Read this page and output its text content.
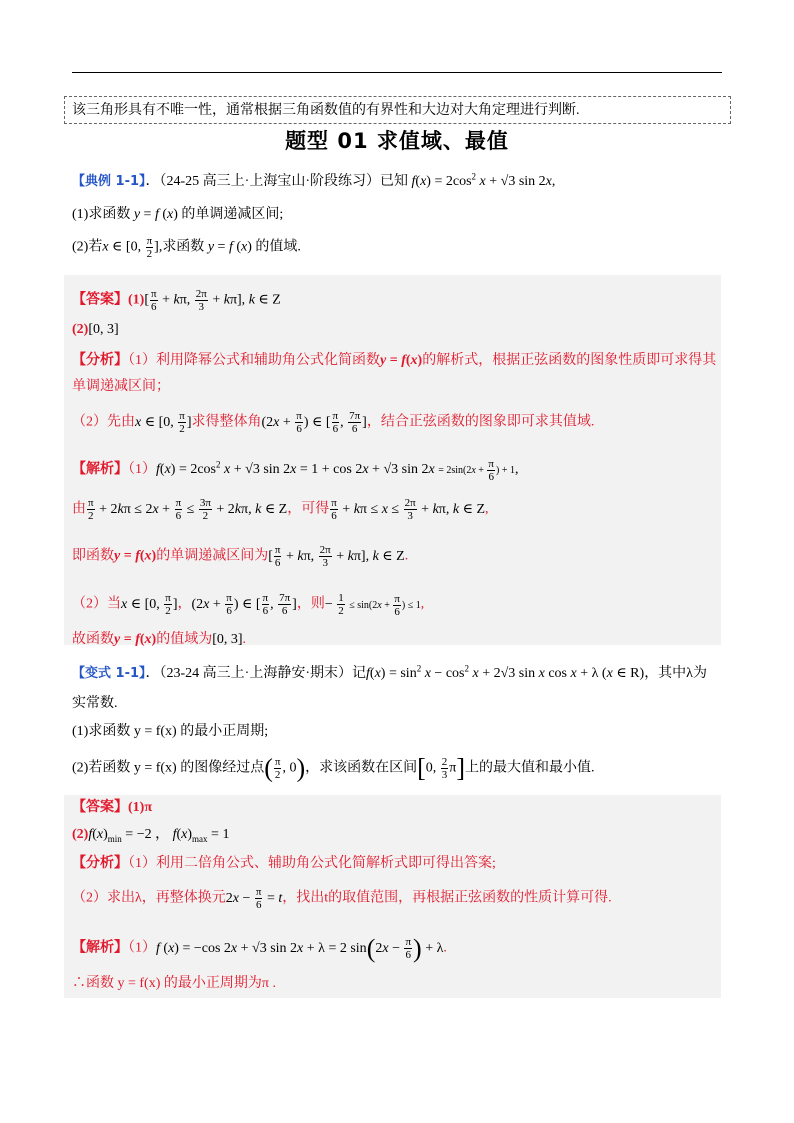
该三角形具有不唯一性，通常根据三角函数值的有界性和大边对大角定理进行判断.
题型 01 求值域、最值
【典例 1-1】．（24-25 高三上·上海宝山·阶段练习）已知 $f(x) = 2\cos^2$ x + √3 sin 2x,
(1)求函数 y = f (x) 的单调递减区间;
(2)若x ∈ [0, $\frac{\pi}{2}$ ],求函数 y = f (x) 的值域.
【答案】$(1)[ \frac{\pi}{6} + k\pi$, $\frac{2\pi}{3} + k\pi$], k ∈ Z
(2)[0, 3]
【分析】（1）利用降幂公式和辅助角公式化简函数y = f(x)的解析式，根据正弦函数的图象性质即可求得其
单调递减区间；
（2）先由x ∈ [0, $\frac{\pi}{2}$ ]求得整体角($2x + \frac{\pi}{6}$ ) ∈ [ $\frac{\pi}{6}$ , $\frac{7\pi}{6}$ ]，结合正弦函数的图象即可求其值域.
【解析】$(1)f(x) = 2\cos^2$ x + √3 sin 2x = 1 + cos 2x + √3 $\sin 2x = 2\sin(2x + \frac{\pi}{6}$ ) + 1,
由 $\frac{\pi}{2} + 2k\pi \le 2x + \frac{\pi}{6} \le \frac{3\pi}{2} + 2k\pi$, k ∈ Z，可得 $\frac{\pi}{6} + k\pi \le x \le \frac{2\pi}{3} + k\pi$, k ∈ Z,
即函数y = f(x)的单调递减区间为[ $\frac{\pi}{6} + k\pi$, $\frac{2\pi}{3} + k\pi$], k ∈ Z.
（2）当x ∈ [0, $\frac{\pi}{2}$ ]，($2x + \frac{\pi}{6}$ ) ∈ [ $\frac{\pi}{6}$ , $\frac{7\pi}{6}$ ]，则− $\frac{1}{2} \le \sin(2x + \frac{\pi}{6}$ ) ≤ 1,
故函数y = f(x)的值域为[0, 3].
【变式 1-1】．（23-24 高三上·上海静安·期末）记$f(x) = \sin^2 x - \cos^2 x + 2√3$ sin x cos x + λ (x ∈ R)，其中λ为
实常数.
(1)求函数 y = f(x) 的最小正周期;
(2)若函数 y = f(x) 的图像经过点( $\frac{\pi}{2}$ , 0)，求该函数在区间[0, $\frac{2}{3} \pi$]上的最大值和最小值.
【答案】(1)π
$(2)f(x)_{min} = -2$ ， $f(x)_{max} = 1$
【分析】（1）利用二倍角公式、辅助角公式化简解析式即可得出答案;
（2）求出λ，再整体换元$2x - \frac{\pi}{6} = t$，找出t的取值范围，再根据正弦函数的性质计算可得.
【解析】（1）f (x) = −cos 2x + √3 sin 2x + λ = 2 $\sin(2x - \frac{\pi}{6}$ ) + λ.
∴函数 y = f(x) 的最小正周期为π .
